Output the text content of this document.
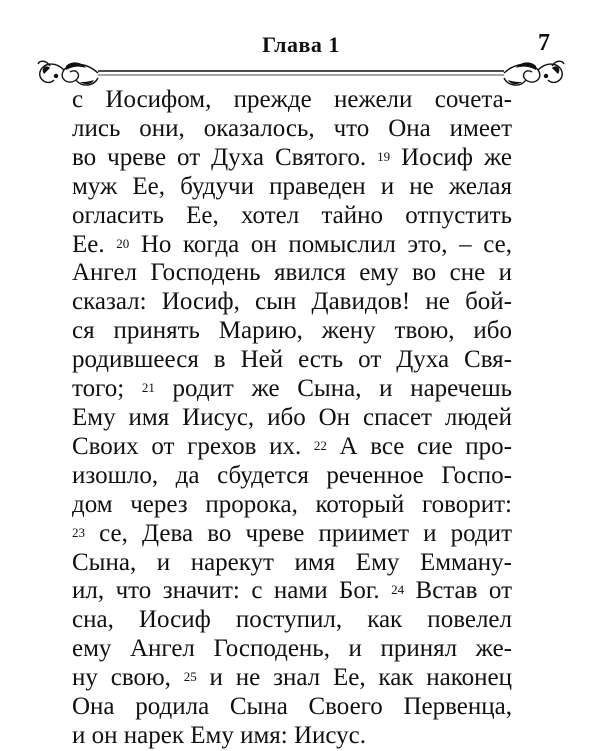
Глава 1	7
с Иосифом, прежде нежели сочета-
лись они, оказалось, что Она имеет
во чреве от Духа Святого. $^{19}$ Иосиф же
муж Ее, будучи праведен и не желая
огласить Ее, хотел тайно отпустить
Ее. $^{20}$ Но когда он помыслил это, – се,
Ангел Господень явился ему во сне и
сказал: Иосиф, сын Давидов! не бой-
ся принять Марию, жену твою, ибо
родившееся в Ней есть от Духа Свя-
того; $^{21}$ родит же Сына, и наречешь
Ему имя Иисус, ибо Он спасет людей
Своих от грехов их. $^{22}$ А все сие про-
изошло, да сбудется реченное Госпо-
дом через пророка, который говорит:
$^{23}$ се, Дева во чреве приимет и родит
Сына, и нарекут имя Ему Емману-
ил, что значит: с нами Бог. $^{24}$ Встав от
сна, Иосиф поступил, как повелел
ему Ангел Господень, и принял же-
ну свою, $^{25}$ и не знал Ее, как наконец
Она родила Сына Своего Первенца,
и он нарек Ему имя: Иисус.
